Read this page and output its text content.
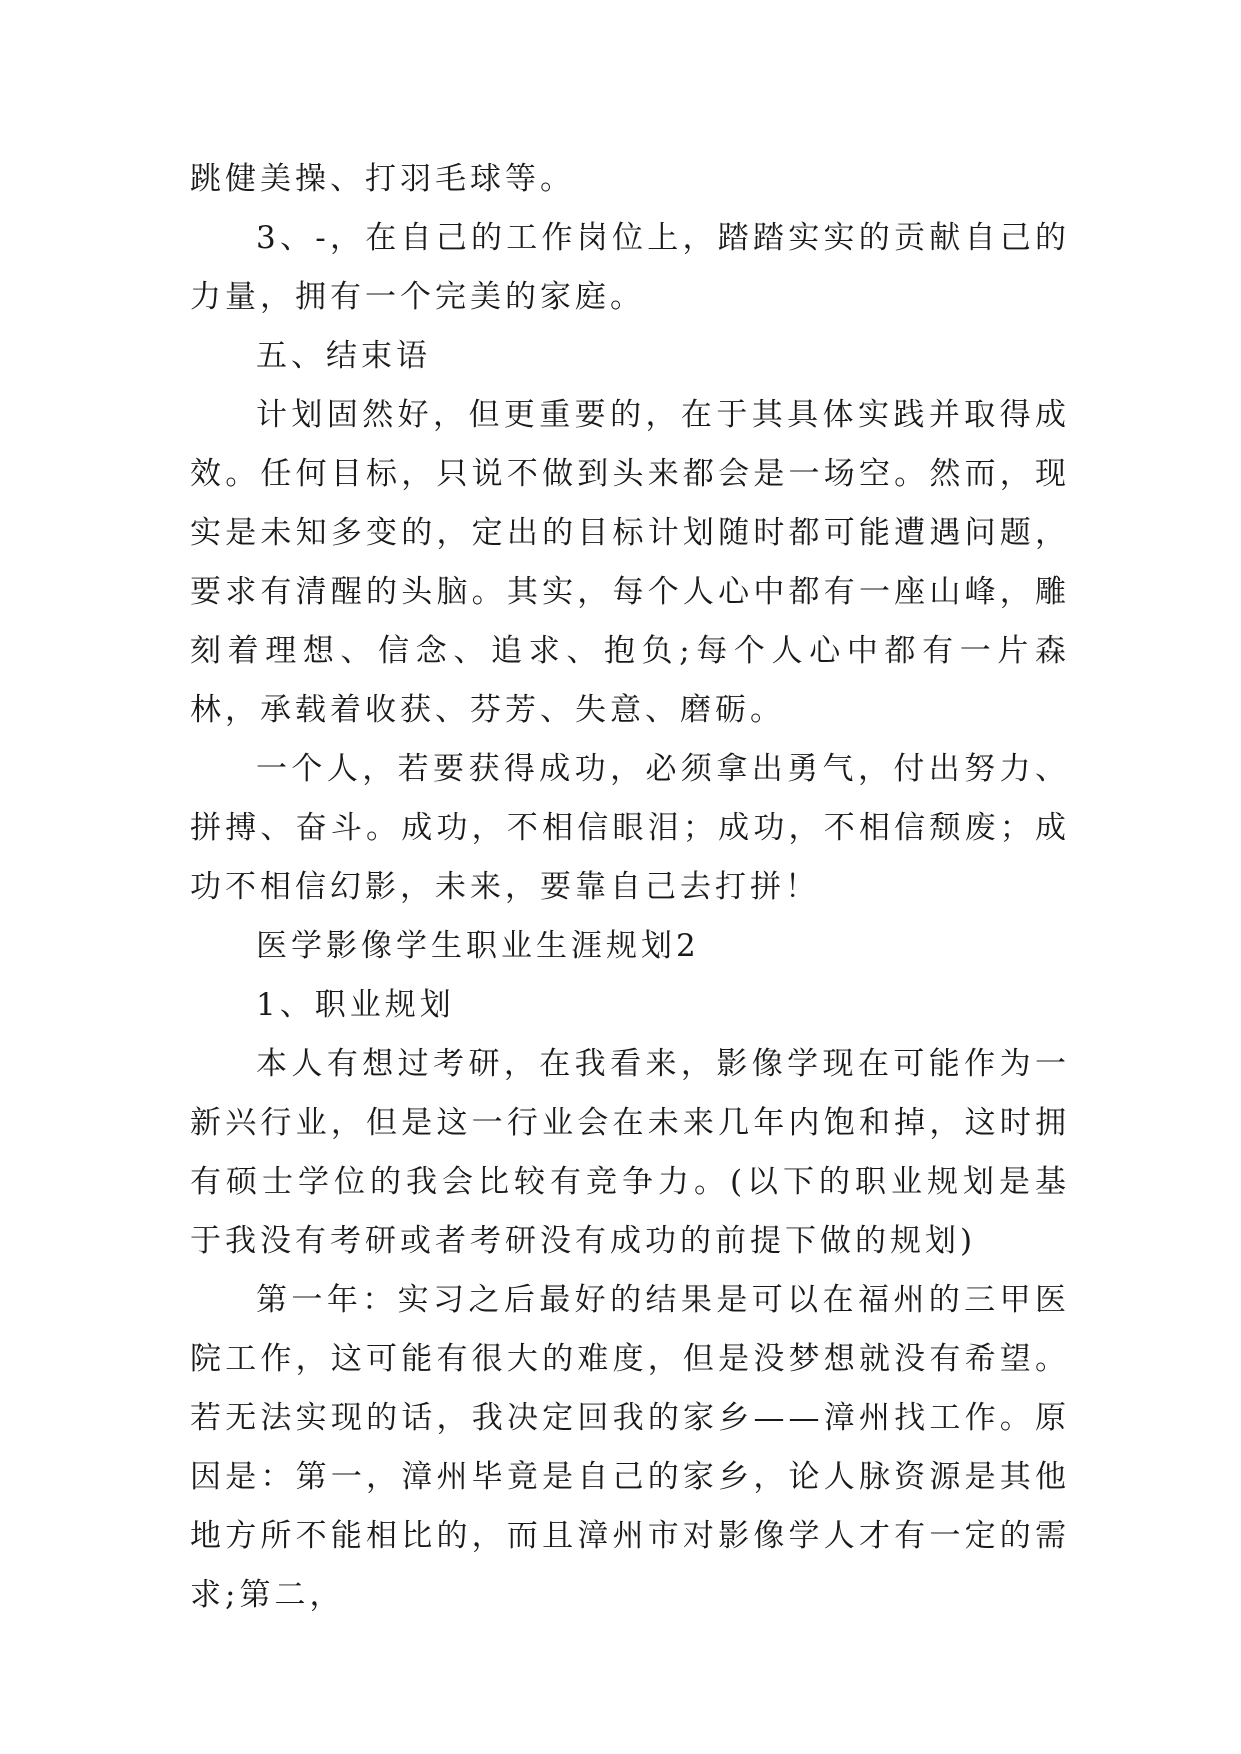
跳健美操、打羽毛球等。

3、-，在自己的工作岗位上，踏踏实实的贡献自己的力量，拥有一个完美的家庭。

五、结束语

计划固然好，但更重要的，在于其具体实践并取得成效。任何目标，只说不做到头来都会是一场空。然而，现实是未知多变的，定出的目标计划随时都可能遭遇问题，要求有清醒的头脑。其实，每个人心中都有一座山峰，雕刻着理想、信念、追求、抱负;每个人心中都有一片森林，承载着收获、芬芳、失意、磨砺。

一个人，若要获得成功，必须拿出勇气，付出努力、拼搏、奋斗。成功，不相信眼泪；成功，不相信颓废；成功不相信幻影，未来，要靠自己去打拼！

医学影像学生职业生涯规划2

1、职业规划

本人有想过考研，在我看来，影像学现在可能作为一新兴行业，但是这一行业会在未来几年内饱和掉，这时拥有硕士学位的我会比较有竞争力。(以下的职业规划是基于我没有考研或者考研没有成功的前提下做的规划)

第一年：实习之后最好的结果是可以在福州的三甲医院工作，这可能有很大的难度，但是没梦想就没有希望。若无法实现的话，我决定回我的家乡——漳州找工作。原因是：第一，漳州毕竟是自己的家乡，论人脉资源是其他地方所不能相比的，而且漳州市对影像学人才有一定的需求;第二，
